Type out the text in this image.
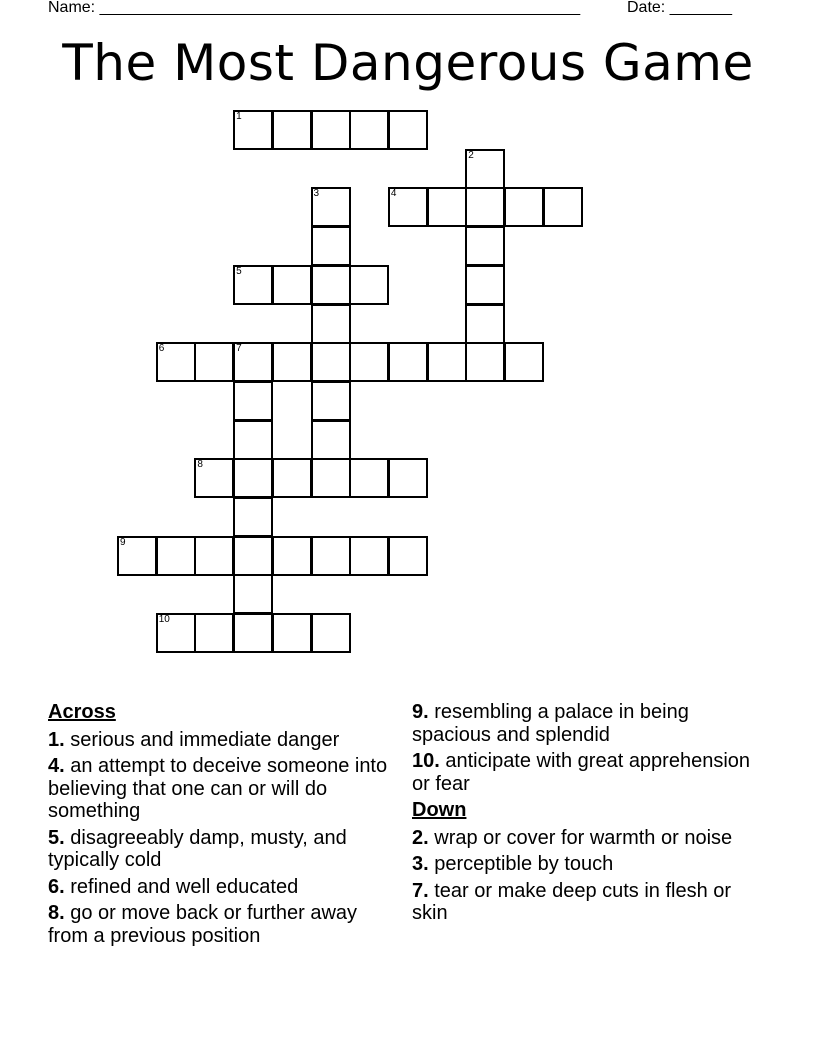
Name: ______________________________________________________	Date: _______
The Most Dangerous Game
1
2
3	4
5
6	7
8
9
10
Across
1. serious and immediate danger
4. an attempt to deceive someone into believing that one can or will do something
5. disagreeably damp, musty, and typically cold
6. refined and well educated
8. go or move back or further away from a previous position
9. resembling a palace in being spacious and splendid
10. anticipate with great apprehension or fear
Down
2. wrap or cover for warmth or noise
3. perceptible by touch
7. tear or make deep cuts in flesh or skin
